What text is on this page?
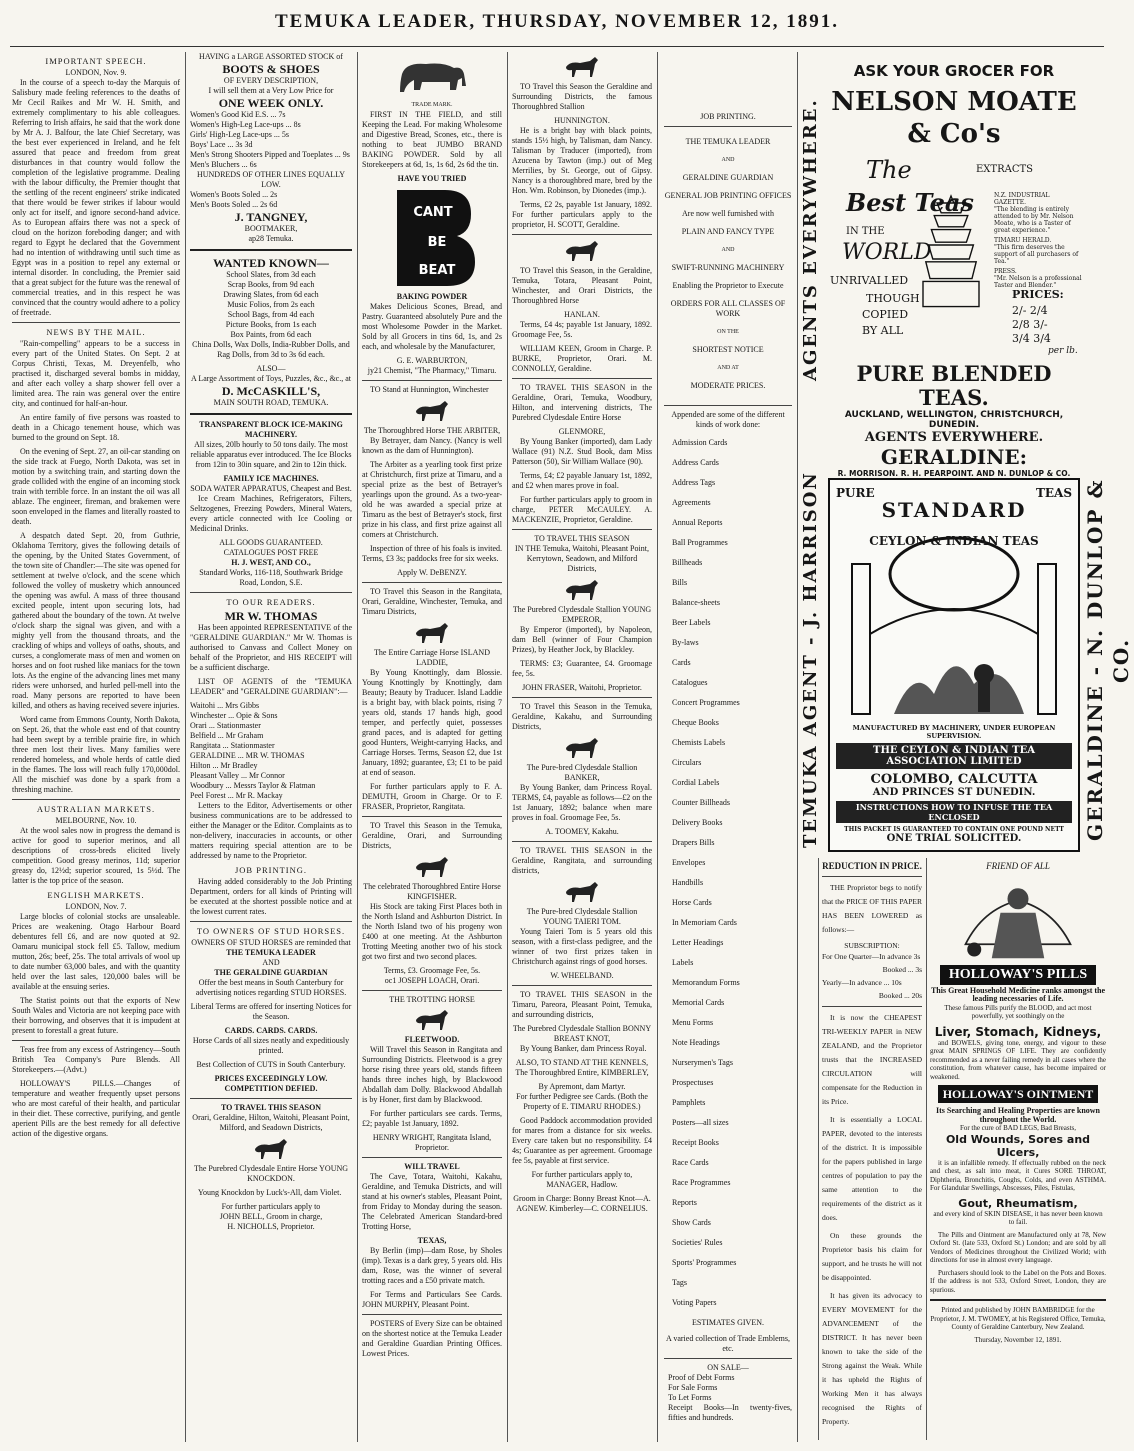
TEMUKA LEADER, THURSDAY, NOVEMBER 12, 1891.
IMPORTANT SPEECH.
LONDON, Nov. 9.

In the course of a speech to-day the Marquis of Salisbury made feeling references to the deaths of Mr Cecil Raikes and Mr W. H. Smith, and extremely complimentary to his able colleagues. Referring to Irish affairs, he said that the work done by Mr A. J. Balfour, the late Chief Secretary, was the best ever experienced in Ireland, and he felt assured that peace and freedom from great disturbances in that country would follow the completion of the legislative programme. Dealing with the labour difficulty, the Premier thought that the settling of the recent engineers' strike indicated that there would be fewer strikes if labour would only act for itself, and ignore second-hand advice. As to European affairs there was not a speck of cloud on the horizon foreboding danger; and with regard to Egypt he declared that the Government had no intention of withdrawing until such time as Egypt was in a position to repel any external or internal disorder. In concluding, the Premier said that a great subject for the future was the renewal of commercial treaties, and in this respect he was convinced that the country would adhere to a policy of freetrade.

NEWS BY THE MAIL.

"Rain-compelling" appears to be a success in every part of the United States. On Sept. 2 at Corpus Christi, Texas, M. Dreyenfelb, who practised it, discharged several bombs in midday, and after each volley a sharp shower fell over a limited area. The rain was general over the entire city, and continued for half-an-hour.

An entire family of five persons was roasted to death in a Chicago tenement house, which was burned to the ground on Sept. 18.

On the evening of Sept. 27, an oil-car standing on the side track at Fuego, North Dakota, was set in motion by a switching train, and starting down the grade collided with the engine of an incoming stock train with terrible force. In an instant the oil was all ablaze. The engineer, fireman, and brakemen were soon enveloped in the flames and literally roasted to death.

A despatch dated Sept. 20, from Guthrie, Oklahoma Territory, gives the following details of the opening, by the United States Government, of the town site of Chandler:—The site was opened for settlement at twelve o'clock, and the scene which followed the volley of musketry which announced the opening was awful. A mass of three thousand excited people, intent upon securing lots, had gathered about the boundary of the town. At twelve o'clock sharp the signal was given, and with a mighty yell from the thousand throats, and the crackling of whips and volleys of oaths, shouts, and curses, a conglomerate mass of men and women on horses and on foot rushed like maniacs for the town lots. As the engine of the advancing lines met many riders were unhorsed, and hurled pell-mell into the road. Many persons are reported to have been killed, and others as having received severe injuries.

Word came from Emmons County, North Dakota, on Sept. 26, that the whole east end of that country had been swept by a terrible prairie fire, in which three men lost their lives. Many families were rendered homeless, and whole herds of cattle died in the flames. The loss will reach fully 170,000dol. All the mischief was done by a spark from a threshing machine.

AUSTRALIAN MARKETS.
MELBOURNE, Nov. 10.

At the wool sales now in progress the demand is active for good to superior merinos, and all descriptions of cross-breds elicited lively competition. Good greasy merinos, 11d; superior greasy do, 12½d; superior scoured, 1s 5½d. The latter is the top price of the season.

ENGLISH MARKETS.
LONDON, Nov. 7.

Large blocks of colonial stocks are unsaleable. Prices are weakening. Otago Harbour Board debentures fell £6, and are now quoted at 92. Oamaru municipal stock fell £5. Tallow, medium mutton, 26s; beef, 25s. The total arrivals of wool up to date number 63,000 bales, and with the quantity held over the last sales, 120,000 bales will be available at the ensuing series.

The Statist points out that the exports of New South Wales and Victoria are not keeping pace with their borrowing, and observes that it is impudent at present to forestall a great future.

Teas free from any excess of Astringency—South British Tea Company's Pure Blends. All Storekeepers.—(Advt.)

HOLLOWAY'S PILLS.—Changes of temperature and weather frequently upset persons who are most careful of their health, and particular in their diet. These corrective, purifying, and gentle aperient Pills are the best remedy for all defective action of the digestive organs.

HAVING a LARGE ASSORTED STOCK of
BOOTS & SHOES
OF EVERY DESCRIPTION,
I will sell them at a Very Low Price for
ONE WEEK ONLY.
Women's Good Kid E.S. ... 7s
Women's High-Leg Lace-ups ... 8s
Girls' High-Leg Lace-ups ... 5s
Boys' Lace ... 3s 3d
Men's Strong Shooters Pipped and Toeplates ... 9s
Men's Bluchers ... 6s
HUNDREDS OF OTHER LINES EQUALLY LOW.
Women's Boots Soled ... 2s
Men's Boots Soled ... 2s 6d
J. TANGNEY,
BOOTMAKER,
ap28 Temuka.
WANTED KNOWN—
School Slates, from 3d each
Scrap Books, from 9d each
Drawing Slates, from 6d each
Music Folios, from 2s each
School Bags, from 4d each
Picture Books, from 1s each
Box Paints, from 6d each

China Dolls, Wax Dolls, India-Rubber Dolls, and Rag Dolls, from 3d to 3s 6d each.

ALSO—
A Large Assortment of Toys, Puzzles, &c., &c., at
D. McCASKILL'S,
MAIN SOUTH ROAD, TEMUKA.
TRANSPARENT BLOCK ICE-MAKING MACHINERY.

All sizes, 20lb hourly to 50 tons daily. The most reliable apparatus ever introduced. The Ice Blocks from 12in to 30in square, and 2in to 12in thick.

FAMILY ICE MACHINES.
SODA WATER APPARATUS, Cheapest and Best.

Ice Cream Machines, Refrigerators, Filters, Seltzogenes, Freezing Powders, Mineral Waters, every article connected with Ice Cooling or Medicinal Drinks.

ALL GOODS GUARANTEED.
CATALOGUES POST FREE
H. J. WEST, AND CO.,
Standard Works, 116-118, Southwark Bridge Road, London, S.E.
TO OUR READERS.
MR W. THOMAS

Has been appointed REPRESENTATIVE of the "GERALDINE GUARDIAN." Mr W. Thomas is authorised to Canvass and Collect Money on behalf of the Proprietor, and HIS RECEIPT will be a sufficient discharge.

LIST OF AGENTS of the "TEMUKA LEADER" and "GERALDINE GUARDIAN":—

Waitohi ... Mrs Gibbs
Winchester ... Opie & Sons
Orari ... Stationmaster
Belfield ... Mr Graham
Rangitata ... Stationmaster
GERALDINE ... MR W. THOMAS
Hilton ... Mr Bradley
Pleasant Valley ... Mr Connor
Woodbury ... Messrs Taylor & Flatman
Peel Forest ... Mr R. Mackay

Letters to the Editor, Advertisements or other business communications are to be addressed to either the Manager or the Editor. Complaints as to non-delivery, inaccuracies in accounts, or other matters requiring special attention are to be addressed by name to the Proprietor.

JOB PRINTING.

Having added considerably to the Job Printing Department, orders for all kinds of Printing will be executed at the shortest possible notice and at the lowest current rates.

TO OWNERS OF STUD HORSES.
OWNERS OF STUD HORSES are reminded that
THE TEMUKA LEADER
AND
THE GERALDINE GUARDIAN

Offer the best means in South Canterbury for advertising notices regarding STUD HORSES.

Liberal Terms are offered for inserting Notices for the Season.

CARDS. CARDS. CARDS.

Horse Cards of all sizes neatly and expeditiously printed.

Best Collection of CUTS in South Canterbury.

PRICES EXCEEDINGLY LOW.
COMPETITION DEFIED.
TO TRAVEL THIS SEASON

Orari, Geraldine, Hilton, Waitohi, Pleasant Point, Milford, and Seadown Districts,

The Purebred Clydesdale Entire Horse YOUNG KNOCKDON.

Young Knockdon by Luck's-All, dam Violet.

For further particulars apply to
JOHN BELL, Groom in charge,
H. NICHOLLS, Proprietor.
TRADE MARK.

FIRST IN THE FIELD, and still Keeping the Lead. For making Wholesome and Digestive Bread, Scones, etc., there is nothing to beat JUMBO BRAND BAKING POWDER. Sold by all Storekeepers at 6d, 1s, 1s 6d, 2s 6d the tin.

HAVE YOU TRIED
CANT
BE
BEAT
BAKING POWDER

Makes Delicious Scones, Bread, and Pastry. Guaranteed absolutely Pure and the most Wholesome Powder in the Market. Sold by all Grocers in tins 6d, 1s, and 2s each, and wholesale by the Manufacturer,

G. E. WARBURTON,
jy21 Chemist, "The Pharmacy," Timaru.

TO Stand at Hunnington, Winchester

The Thoroughbred Horse THE ARBITER,

By Betrayer, dam Nancy. (Nancy is well known as the dam of Hunnington).

The Arbiter as a yearling took first prize at Christchurch, first prize at Timaru, and a special prize as the best of Betrayer's yearlings upon the ground. As a two-year-old he was awarded a special prize at Timaru as the best of Betrayer's stock, first prize in his class, and first prize against all comers at Christchurch.

Inspection of three of his foals is invited. Terms, £3 3s; paddocks free for six weeks.

Apply W. DeBENZY.

TO Travel this Season in the Rangitata, Orari, Geraldine, Winchester, Temuka, and Timaru Districts,

The Entire Carriage Horse ISLAND LADDIE,

By Young Knottingly, dam Blossie. Young Knottingly by Knottingly, dam Beauty; Beauty by Traducer. Island Laddie is a bright bay, with black points, rising 7 years old, stands 17 hands high, good temper, and perfectly quiet, possesses grand paces, and is adapted for getting good Hunters, Weight-carrying Hacks, and Carriage Horses. Terms, Season £2, due 1st January, 1892; guarantee, £3; £1 to be paid at end of season.

For further particulars apply to F. A. DEMUTH, Groom in Charge. Or to F. FRASER, Proprietor, Rangitata.

TO Travel this Season in the Temuka, Geraldine, Orari, and Surrounding Districts,

The celebrated Thoroughbred Entire Horse KINGFISHER.

His Stock are taking First Places both in the North Island and Ashburton District. In the North Island two of his progeny won £400 at one meeting. At the Ashburton Trotting Meeting another two of his stock got two first and two second places.

Terms, £3. Groomage Fee, 5s.
oc1 JOSEPH LOACH, Orari.
THE TROTTING HORSE
FLEETWOOD.

Will Travel this Season in Rangitata and Surrounding Districts. Fleetwood is a grey horse rising three years old, stands fifteen hands three inches high, by Blackwood Abdallah dam Dolly. Blackwood Abdallah is by Honer, first dam by Blackwood.

For further particulars see cards. Terms, £2; payable 1st January, 1892.

HENRY WRIGHT, Rangitata Island, Proprietor.
WILL TRAVEL

The Cave, Totara, Waitohi, Kakahu, Geraldine, and Temuka Districts, and will stand at his owner's stables, Pleasant Point, from Friday to Monday during the season. The Celebrated American Standard-bred Trotting Horse,

TEXAS,

By Berlin (imp)—dam Rose, by Sholes (imp). Texas is a dark grey, 5 years old. His dam, Rose, was the winner of several trotting races and a £50 private match.

For Terms and Particulars See Cards. JOHN MURPHY, Pleasant Point.

POSTERS of Every Size can be obtained on the shortest notice at the Temuka Leader and Geraldine Guardian Printing Offices. Lowest Prices.

TO Travel this Season the Geraldine and Surrounding Districts, the famous Thoroughbred Stallion

HUNNINGTON.

He is a bright bay with black points, stands 15½ high, by Talisman, dam Nancy. Talisman by Traducer (imported), from Azucena by Tawton (imp.) out of Meg Merrilies, by St. George, out of Gipsy. Nancy is a thoroughbred mare, bred by the Hon. Wm. Robinson, by Dionedes (imp.).

Terms, £2 2s, payable 1st January, 1892. For further particulars apply to the proprietor, H. SCOTT, Geraldine.

TO Travel this Season, in the Geraldine, Temuka, Totara, Pleasant Point, Winchester, and Orari Districts, the Thoroughbred Horse

HANLAN.

Terms, £4 4s; payable 1st January, 1892. Groomage Fee, 5s.

WILLIAM KEEN, Groom in Charge. P. BURKE, Proprietor, Orari. M. CONNOLLY, Geraldine.

TO TRAVEL THIS SEASON in the Geraldine, Orari, Temuka, Woodbury, Hilton, and intervening districts, The Purebred Clydesdale Entire Horse

GLENMORE,

By Young Banker (imported), dam Lady Wallace (91) N.Z. Stud Book, dam Miss Patterson (50), Sir William Wallace (90).

Terms, £4; £2 payable January 1st, 1892, and £2 when mares prove in foal.

For further particulars apply to groom in charge, PETER McCAULEY. A. MACKENZIE, Proprietor, Geraldine.

TO TRAVEL THIS SEASON

IN THE Temuka, Waitohi, Pleasant Point, Kerrytown, Seadown, and Milford Districts,

The Purebred Clydesdale Stallion YOUNG EMPEROR,

By Emperor (imported), by Napoleon, dam Bell (winner of Four Champion Prizes), by Heather Jock, by Blackley.

TERMS: £3; Guarantee, £4. Groomage fee, 5s.

JOHN FRASER, Waitohi, Proprietor.

TO Travel this Season in the Temuka, Geraldine, Kakahu, and Surrounding Districts,

The Pure-bred Clydesdale Stallion BANKER,

By Young Banker, dam Princess Royal. TERMS, £4, payable as follows—£2 on the 1st January, 1892; balance when mare proves in foal. Groomage Fee, 5s.

A. TOOMEY, Kakahu.

TO TRAVEL THIS SEASON in the Geraldine, Rangitata, and surrounding districts,

The Pure-bred Clydesdale Stallion YOUNG TAIERI TOM.

Young Taieri Tom is 5 years old this season, with a first-class pedigree, and the winner of two first prizes taken in Christchurch against rings of good horses.

W. WHEELBAND.

TO TRAVEL THIS SEASON in the Timaru, Pareora, Pleasant Point, Temuka, and surrounding districts,

The Purebred Clydesdale Stallion BONNY BREAST KNOT,

By Young Banker, dam Princess Royal.

ALSO, TO STAND AT THE KENNELS, The Thoroughbred Entire, KIMBERLEY,

By Apremont, dam Martyr.

For further Pedigree see Cards. (Both the Property of E. TIMARU RHODES.)

Good Paddock accommodation provided for mares from a distance for six weeks. Every care taken but no responsibility. £4 4s; Guarantee as per agreement. Groomage fee 5s, payable at first service.

For further particulars apply to, MANAGER, Hadlow.

Groom in Charge: Bonny Breast Knot—A. AGNEW. Kimberley—C. CORNELIUS.

JOB PRINTING.
THE TEMUKA LEADER
AND
GERALDINE GUARDIAN
GENERAL JOB PRINTING OFFICES
Are now well furnished with
PLAIN AND FANCY TYPE
AND
SWIFT-RUNNING MACHINERY
Enabling the Proprietor to Execute
ORDERS FOR ALL CLASSES OF WORK
ON THE
SHORTEST NOTICE
AND AT
MODERATE PRICES.
Appended are some of the different kinds of work done:
Admission Cards
Address Cards
Address Tags
Agreements
Annual Reports
Ball Programmes
Billheads
Bills
Balance-sheets
Beer Labels
By-laws
Cards
Catalogues
Concert Programmes
Cheque Books
Chemists Labels
Circulars
Cordial Labels
Counter Billheads
Delivery Books
Drapers Bills
Envelopes
Handbills
Horse Cards
In Memoriam Cards
Letter Headings
Labels
Memorandum Forms
Memorial Cards
Menu Forms
Note Headings
Nurserymen's Tags
Prospectuses
Pamphlets
Posters—all sizes
Receipt Books
Race Cards
Race Programmes
Reports
Show Cards
Societies' Rules
Sports' Programmes
Tags
Voting Papers
ESTIMATES GIVEN.
A varied collection of Trade Emblems, etc.
ON SALE—
Proof of Debt Forms
For Sale Forms
To Let Forms
Receipt Books—In twenty-fives, fifties and hundreds.
AGENTS EVERYWHERE.
TEMUKA AGENT - J. HARRISON	GERALDINE - N. DUNLOP & CO.
ASK YOUR GROCER FOR
NELSON MOATE & Co's
The	EXTRACTS
Best Teas
IN THE
WORLD
UNRIVALLED
THOUGH
COPIED
BY ALL
N.Z. INDUSTRIAL GAZETTE.
"The blending is entirely attended to by Mr. Nelson Moate, who is a Taster of great experience."
TIMARU HERALD.
"This firm deserves the support of all purchasers of Tea."
PRESS.
"Mr. Nelson is a professional Taster and Blender."
PRICES:
2/- 2/4
2/8 3/-
3/4 3/4
per lb.
PURE BLENDED TEAS.
AUCKLAND, WELLINGTON, CHRISTCHURCH, DUNEDIN.
AGENTS EVERYWHERE.
GERALDINE:
R. MORRISON. R. H. PEARPOINT. AND N. DUNLOP & CO.
PURE	TEAS
STANDARD
CEYLON & INDIAN TEAS
MANUFACTURED BY MACHINERY, UNDER EUROPEAN SUPERVISION.
THE CEYLON & INDIAN TEA ASSOCIATION LIMITED
COLOMBO, CALCUTTA
AND PRINCES ST DUNEDIN.
INSTRUCTIONS HOW TO INFUSE THE TEA ENCLOSED
THIS PACKET IS GUARANTEED TO CONTAIN ONE POUND NETT
ONE TRIAL SOLICITED.
REDUCTION IN PRICE.

THE Proprietor begs to notify that the PRICE OF THIS PAPER HAS BEEN LOWERED as follows:—

SUBSCRIPTION:
For One Quarter—In advance 3s
Booked ... 3s
Yearly—In advance ... 10s
Booked ... 20s

It is now the CHEAPEST TRI-WEEKLY PAPER in NEW ZEALAND, and the Proprietor trusts that the INCREASED CIRCULATION will compensate for the Reduction in its Price.

It is essentially a LOCAL PAPER, devoted to the interests of the district. It is impossible for the papers published in large centres of population to pay the same attention to the requirements of the district as it does.

On these grounds the Proprietor basis his claim for support, and he trusts he will not be disappointed.

It has given its advocacy to EVERY MOVEMENT for the ADVANCEMENT of the DISTRICT. It has never been known to take the side of the Strong against the Weak. While it has upheld the Rights of Working Men it has always recognised the Rights of Property.

FRIEND OF ALL
HOLLOWAY'S PILLS
This Great Household Medicine ranks amongst the leading necessaries of Life.

These famous Pills purify the BLOOD, and act most powerfully, yet soothingly on the

Liver, Stomach, Kidneys,

and BOWELS, giving tone, energy, and vigour to these great MAIN SPRINGS OF LIFE. They are confidently recommended as a never failing remedy in all cases where the constitution, from whatever cause, has become impaired or weakened.

HOLLOWAY'S OINTMENT
Its Searching and Healing Properties are known throughout the World.
For the cure of BAD LEGS, Bad Breasts,
Old Wounds, Sores and Ulcers,

it is an infallible remedy. If effectually rubbed on the neck and chest, as salt into meat, it Cures SORE THROAT, Diphtheria, Bronchitis, Coughs, Colds, and even ASTHMA. For Glandular Swellings, Abscesses, Piles, Fistulas,

Gout, Rheumatism,

and every kind of SKIN DISEASE, it has never been known to fail.

The Pills and Ointment are Manufactured only at 78, New Oxford St. (late 533, Oxford St.) London; and are sold by all Vendors of Medicines throughout the Civilized World; with directions for use in almost every language.

Purchasers should look to the Label on the Pots and Boxes. If the address is not 533, Oxford Street, London, they are spurious.

Printed and published by JOHN BAMBRIDGE for the Proprietor, J. M. TWOMEY, at his Registered Office, Temuka, County of Geraldine Canterbury, New Zealand.

Thursday, November 12, 1891.
